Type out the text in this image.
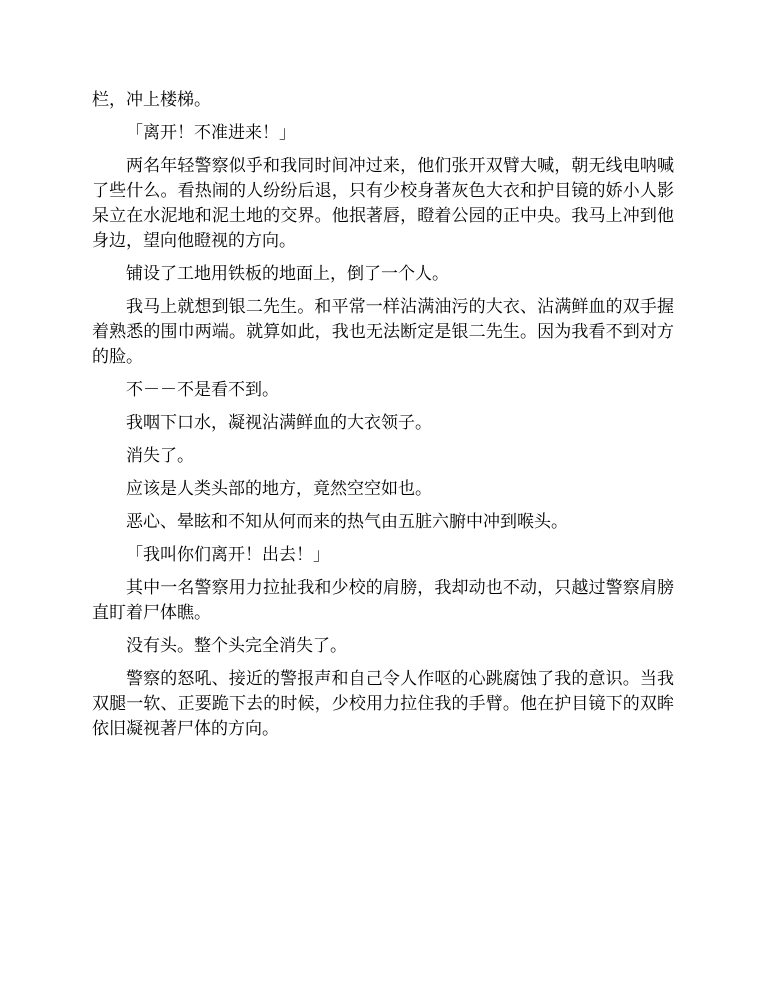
栏，冲上楼梯。

「离开！不准进来！」

两名年轻警察似乎和我同时间冲过来，他们张开双臂大喊，朝无线电呐喊了些什么。看热闹的人纷纷后退，只有少校身著灰色大衣和护目镜的娇小人影呆立在水泥地和泥土地的交界。他抿著唇，瞪着公园的正中央。我马上冲到他身边，望向他瞪视的方向。

铺设了工地用铁板的地面上，倒了一个人。

我马上就想到银二先生。和平常一样沾满油污的大衣、沾满鲜血的双手握着熟悉的围巾两端。就算如此，我也无法断定是银二先生。因为我看不到对方的脸。

不－－不是看不到。

我咽下口水，凝视沾满鲜血的大衣领子。

消失了。

应该是人类头部的地方，竟然空空如也。

恶心、晕眩和不知从何而来的热气由五脏六腑中冲到喉头。

「我叫你们离开！出去！」

其中一名警察用力拉扯我和少校的肩膀，我却动也不动，只越过警察肩膀直盯着尸体瞧。

没有头。整个头完全消失了。

警察的怒吼、接近的警报声和自己令人作呕的心跳腐蚀了我的意识。当我双腿一软、正要跪下去的时候，少校用力拉住我的手臂。他在护目镜下的双眸依旧凝视著尸体的方向。
